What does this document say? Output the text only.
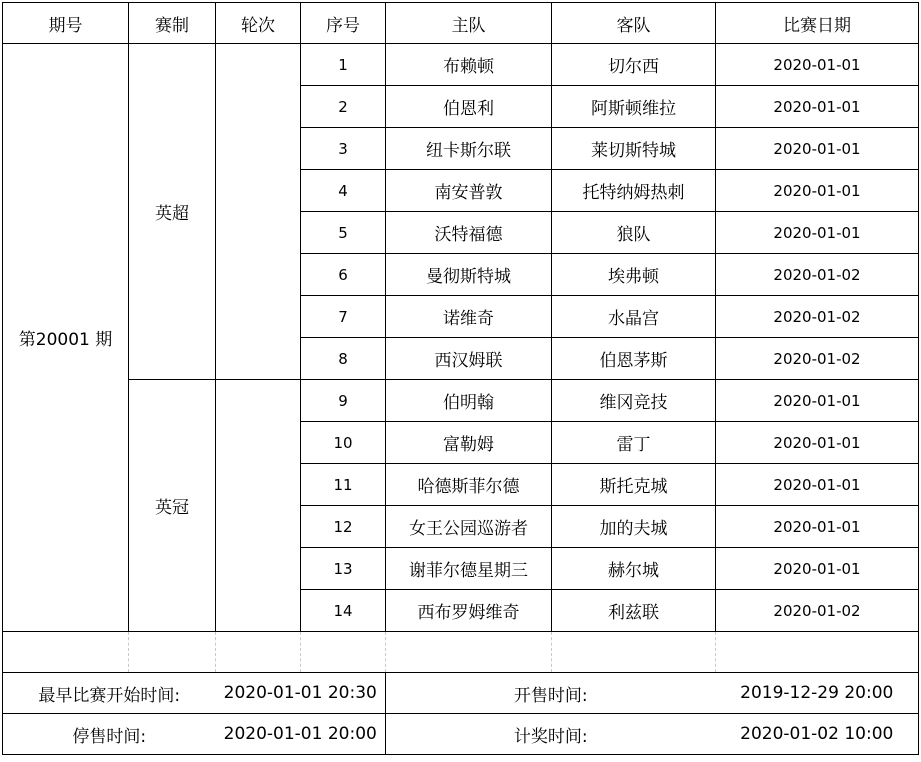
期号	赛制	轮次	序号	主队	客队	比赛日期
第20001 期	英超		1	布赖顿	切尔西	2020-01-01
			2	伯恩利	阿斯顿维拉	2020-01-01
			3	纽卡斯尔联	莱切斯特城	2020-01-01
			4	南安普敦	托特纳姆热刺	2020-01-01
			5	沃特福德	狼队	2020-01-01
			6	曼彻斯特城	埃弗顿	2020-01-02
			7	诺维奇	水晶宫	2020-01-02
			8	西汉姆联	伯恩茅斯	2020-01-02
	英冠		9	伯明翰	维冈竞技	2020-01-01
			10	富勒姆	雷丁	2020-01-01
			11	哈德斯菲尔德	斯托克城	2020-01-01
			12	女王公园巡游者	加的夫城	2020-01-01
			13	谢菲尔德星期三	赫尔城	2020-01-01
			14	西布罗姆维奇	利兹联	2020-01-02

最早比赛开始时间:		2020-01-01 20:30		开售时间:		2019-12-29 20:00
停售时间:		2020-01-01 20:00		计奖时间:		2020-01-02 10:00
